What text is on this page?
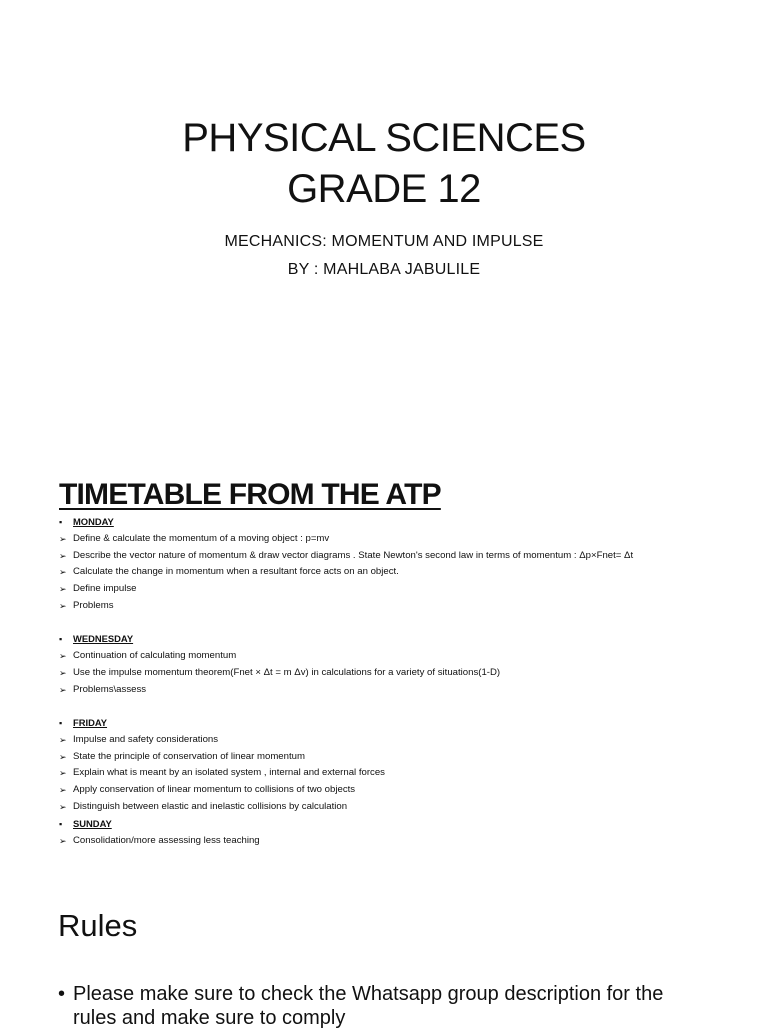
PHYSICAL SCIENCES
GRADE 12
MECHANICS: MOMENTUM AND IMPULSE
BY : MAHLABA JABULILE
TIMETABLE FROM THE ATP
▪	MONDAY
➢ Define & calculate the momentum of a moving object : p=mv
➢ Describe the vector nature of momentum & draw vector diagrams . State Newton's second law in terms of momentum : Δp×Fnet= Δt
➢ Calculate the change in momentum when a resultant force acts on an object.
➢ Define impulse
➢ Problems
▪	WEDNESDAY
➢ Continuation of calculating momentum
➢ Use the impulse momentum theorem(Fnet × Δt = m Δv) in calculations for a variety of situations(1-D)
➢ Problems\assess
▪	FRIDAY
➢ Impulse and safety considerations
➢ State the principle of conservation of linear momentum
➢ Explain what is meant by an isolated system , internal and external forces
➢ Apply conservation of linear momentum to collisions of two objects
➢ Distinguish between elastic and inelastic collisions by calculation
▪	SUNDAY
➢ Consolidation/more assessing less teaching
Rules
• Please make sure to check the Whatsapp group description for the rules and make sure to comply
